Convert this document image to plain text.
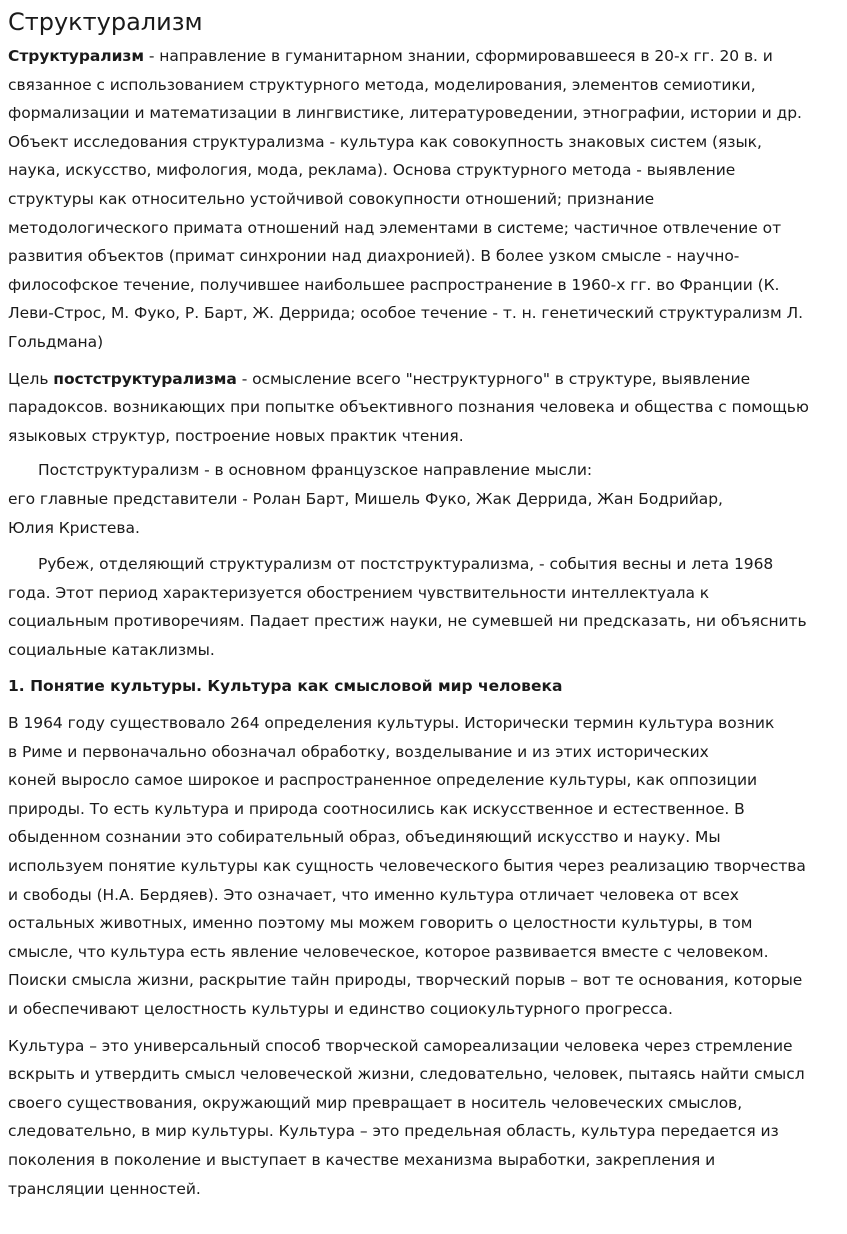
Структурализм

Структурализм - направление в гуманитарном знании, сформировавшееся в 20-х гг. 20 в. и
связанное с использованием структурного метода, моделирования, элементов семиотики,
формализации и математизации в лингвистике, литературоведении, этнографии, истории и др.
Объект исследования структурализма - культура как совокупность знаковых систем (язык,
наука, искусство, мифология, мода, реклама). Основа структурного метода - выявление
структуры как относительно устойчивой совокупности отношений; признание
методологического примата отношений над элементами в системе; частичное отвлечение от
развития объектов (примат синхронии над диахронией). В более узком смысле - научно-
философское течение, получившее наибольшее распространение в 1960-х гг. во Франции (К.
Леви-Строс, М. Фуко, Р. Барт, Ж. Деррида; особое течение - т. н. генетический структурализм Л.
Гольдмана)

Цель постструктурализма - осмысление всего "неструктурного" в структуре, выявление
парадоксов. возникающих при попытке объективного познания человека и общества с помощью
языковых структур, построение новых практик чтения.

Постструктурализм - в основном французское направление мысли:
его главные представители - Ролан Барт, Мишель Фуко, Жак Деррида, Жан Бодрийар,
Юлия Кристева.

Рубеж, отделяющий структурализм от постструктурализма, - события весны и лета 1968
года. Этот период характеризуется обострением чувствительности интеллектуала к
социальным противоречиям. Падает престиж науки, не сумевшей ни предсказать, ни объяснить
социальные катаклизмы.

1. Понятие культуры. Культура как смысловой мир человека

В 1964 году существовало 264 определения культуры. Исторически термин культура возник
в Риме и первоначально обозначал обработку, возделывание и из этих исторических
коней выросло самое широкое и распространенное определение культуры, как оппозиции
природы. То есть культура и природа соотносились как искусственное и естественное. В
обыденном сознании это собирательный образ, объединяющий искусство и науку. Мы
используем понятие культуры как сущность человеческого бытия через реализацию творчества
и свободы (Н.А. Бердяев). Это означает, что именно культура отличает человека от всех
остальных животных, именно поэтому мы можем говорить о целостности культуры, в том
смысле, что культура есть явление человеческое, которое развивается вместе с человеком.
Поиски смысла жизни, раскрытие тайн природы, творческий порыв – вот те основания, которые
и обеспечивают целостность культуры и единство социокультурного прогресса.

Культура – это универсальный способ творческой самореализации человека через стремление
вскрыть и утвердить смысл человеческой жизни, следовательно, человек, пытаясь найти смысл
своего существования, окружающий мир превращает в носитель человеческих смыслов,
следовательно, в мир культуры. Культура – это предельная область, культура передается из
поколения в поколение и выступает в качестве механизма выработки, закрепления и
трансляции ценностей.
